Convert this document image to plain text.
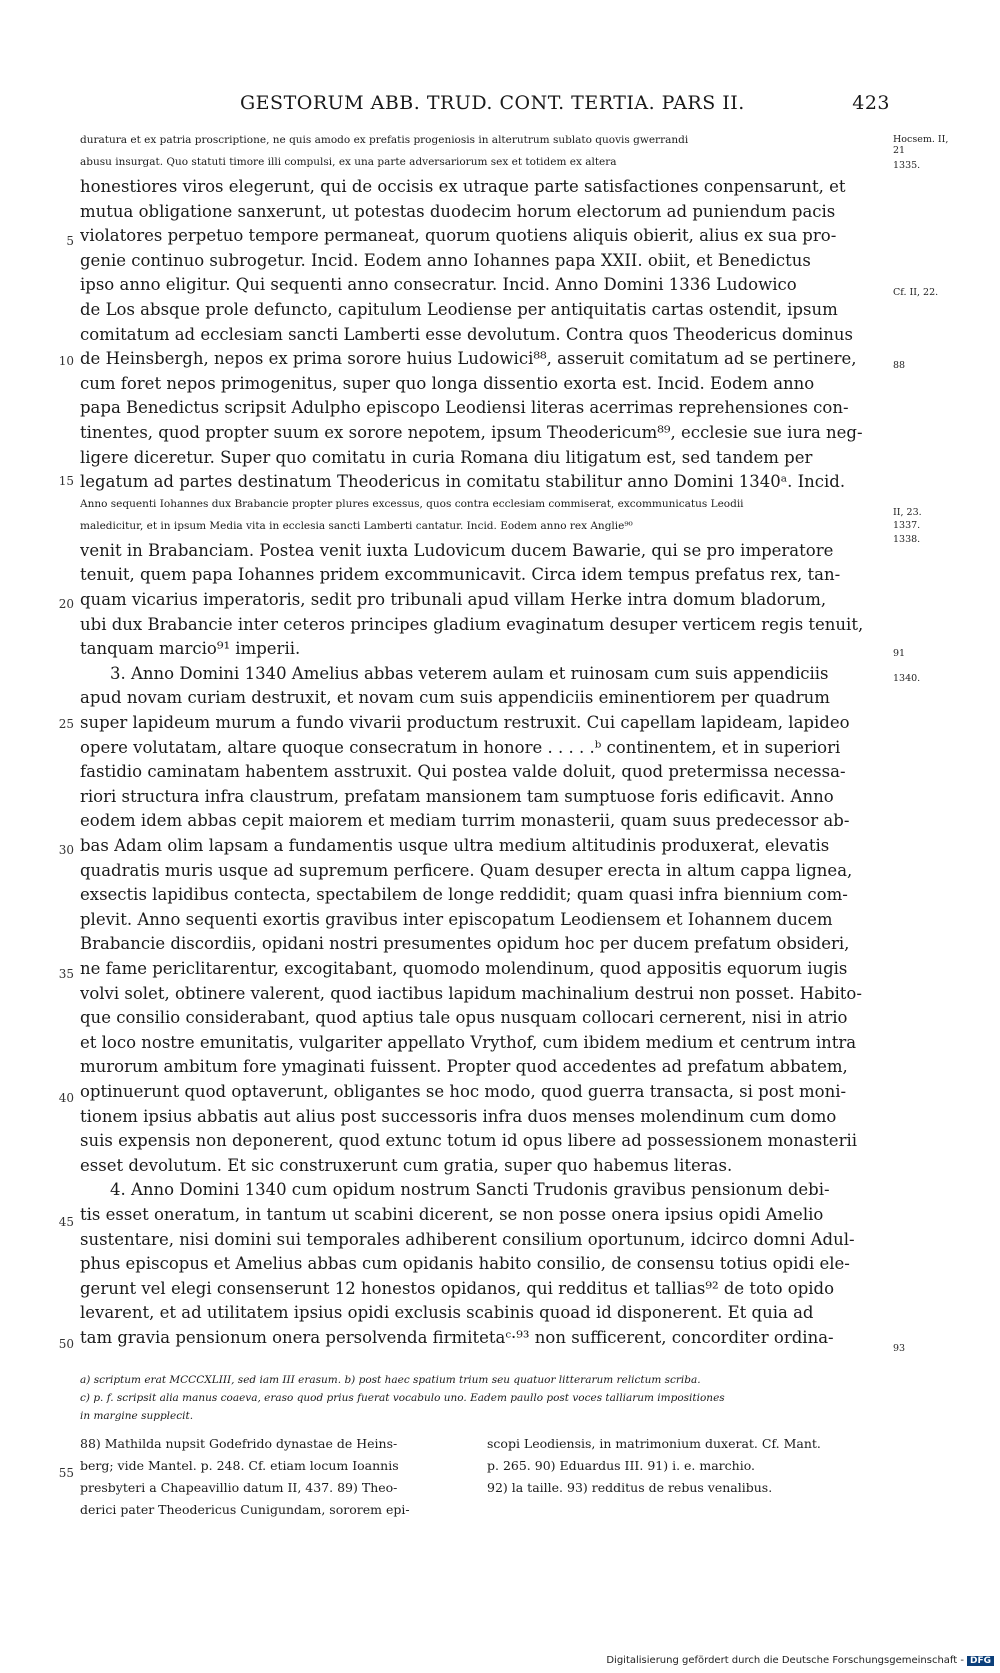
GESTORUM ABB. TRUD. CONT. TERTIA. PARS II.	423
duratura et ex patria proscriptione, ne quis amodo ex prefatis progeniosis in alterutrum sublato quovis gwerrandi
abusu insurgat. Quo statuti timore illi compulsi, ex una parte adversariorum sex et totidem ex altera
honestiores viros elegerunt, qui de occisis ex utraque parte satisfactiones conpensarunt, et
mutua obligatione sanxerunt, ut potestas duodecim horum electorum ad puniendum pacis
violatores perpetuo tempore permaneat, quorum quotiens aliquis obierit, alius ex sua pro-
genie continuo subrogetur. Incid. Eodem anno Iohannes papa XXII. obiit, et Benedictus
ipso anno eligitur. Qui sequenti anno consecratur. Incid. Anno Domini 1336 Ludowico
de Los absque prole defuncto, capitulum Leodiense per antiquitatis cartas ostendit, ipsum
comitatum ad ecclesiam sancti Lamberti esse devolutum. Contra quos Theodericus dominus
de Heinsbergh, nepos ex prima sorore huius Ludowici⁸⁸, asseruit comitatum ad se pertinere,
cum foret nepos primogenitus, super quo longa dissentio exorta est. Incid. Eodem anno
papa Benedictus scripsit Adulpho episcopo Leodiensi literas acerrimas reprehensiones con-
tinentes, quod propter suum ex sorore nepotem, ipsum Theodericum⁸⁹, ecclesie sue iura neg-
ligere diceretur. Super quo comitatu in curia Romana diu litigatum est, sed tandem per
legatum ad partes destinatum Theodericus in comitatu stabilitur anno Domini 1340ᵃ. Incid.
Anno sequenti Iohannes dux Brabancie propter plures excessus, quos contra ecclesiam commiserat, excommunicatus Leodii
maledicitur, et in ipsum Media vita in ecclesia sancti Lamberti cantatur. Incid. Eodem anno rex Anglie⁹⁰
venit in Brabanciam. Postea venit iuxta Ludovicum ducem Bawarie, qui se pro imperatore
tenuit, quem papa Iohannes pridem excommunicavit. Circa idem tempus prefatus rex, tan-
quam vicarius imperatoris, sedit pro tribunali apud villam Herke intra domum bladorum,
ubi dux Brabancie inter ceteros principes gladium evaginatum desuper verticem regis tenuit,
tanquam marcio⁹¹ imperii.
3. Anno Domini 1340 Amelius abbas veterem aulam et ruinosam cum suis appendiciis
apud novam curiam destruxit, et novam cum suis appendiciis eminentiorem per quadrum
super lapideum murum a fundo vivarii productum restruxit. Cui capellam lapideam, lapideo
opere volutatam, altare quoque consecratum in honore . . . . .ᵇ continentem, et in superiori
fastidio caminatam habentem asstruxit. Qui postea valde doluit, quod pretermissa necessa-
riori structura infra claustrum, prefatam mansionem tam sumptuose foris edificavit. Anno
eodem idem abbas cepit maiorem et mediam turrim monasterii, quam suus predecessor ab-
bas Adam olim lapsam a fundamentis usque ultra medium altitudinis produxerat, elevatis
quadratis muris usque ad supremum perficere. Quam desuper erecta in altum cappa lignea,
exsectis lapidibus contecta, spectabilem de longe reddidit; quam quasi infra biennium com-
plevit. Anno sequenti exortis gravibus inter episcopatum Leodiensem et Iohannem ducem
Brabancie discordiis, opidani nostri presumentes opidum hoc per ducem prefatum obsideri,
ne fame periclitarentur, excogitabant, quomodo molendinum, quod appositis equorum iugis
volvi solet, obtinere valerent, quod iactibus lapidum machinalium destrui non posset. Habito-
que consilio considerabant, quod aptius tale opus nusquam collocari cernerent, nisi in atrio
et loco nostre emunitatis, vulgariter appellato Vrythof, cum ibidem medium et centrum intra
murorum ambitum fore ymaginati fuissent. Propter quod accedentes ad prefatum abbatem,
optinuerunt quod optaverunt, obligantes se hoc modo, quod guerra transacta, si post moni-
tionem ipsius abbatis aut alius post successoris infra duos menses molendinum cum domo
suis expensis non deponerent, quod extunc totum id opus libere ad possessionem monasterii
esset devolutum. Et sic construxerunt cum gratia, super quo habemus literas.
4. Anno Domini 1340 cum opidum nostrum Sancti Trudonis gravibus pensionum debi-
tis esset oneratum, in tantum ut scabini dicerent, se non posse onera ipsius opidi Amelio
sustentare, nisi domini sui temporales adhiberent consilium oportunum, idcirco domni Adul-
phus episcopus et Amelius abbas cum opidanis habito consilio, de consensu totius opidi ele-
gerunt vel elegi consenserunt 12 honestos opidanos, qui redditus et tallias⁹² de toto opido
levarent, et ad utilitatem ipsius opidi exclusis scabinis quoad id disponerent. Et quia ad
tam gravia pensionum onera persolvenda firmitetaᶜ·⁹³ non sufficerent, concorditer ordina-
5
10
15
20
25
30
35
40
45
50
55
Hocsem. II, 21
1335.
Cf. II, 22.
88
II, 23.
1337.
1338.
91
1340.
93
a) scriptum erat MCCCXLIII, sed iam III erasum. b) post haec spatium trium seu quatuor litterarum relictum scriba.
c) p. f. scripsit alia manus coaeva, eraso quod prius fuerat vocabulo uno. Eadem paullo post voces talliarum impositiones
in margine supplecit.
88) Mathilda nupsit Godefrido dynastae de Heins-
berg; vide Mantel. p. 248. Cf. etiam locum Ioannis
presbyteri a Chapeavillio datum II, 437. 89) Theo-
derici pater Theodericus Cunigundam, sororem epi-
scopi Leodiensis, in matrimonium duxerat. Cf. Mant.
p. 265. 90) Eduardus III. 91) i. e. marchio.
92) la taille. 93) redditus de rebus venalibus.
Digitalisierung gefördert durch die Deutsche Forschungsgemeinschaft - DFG
